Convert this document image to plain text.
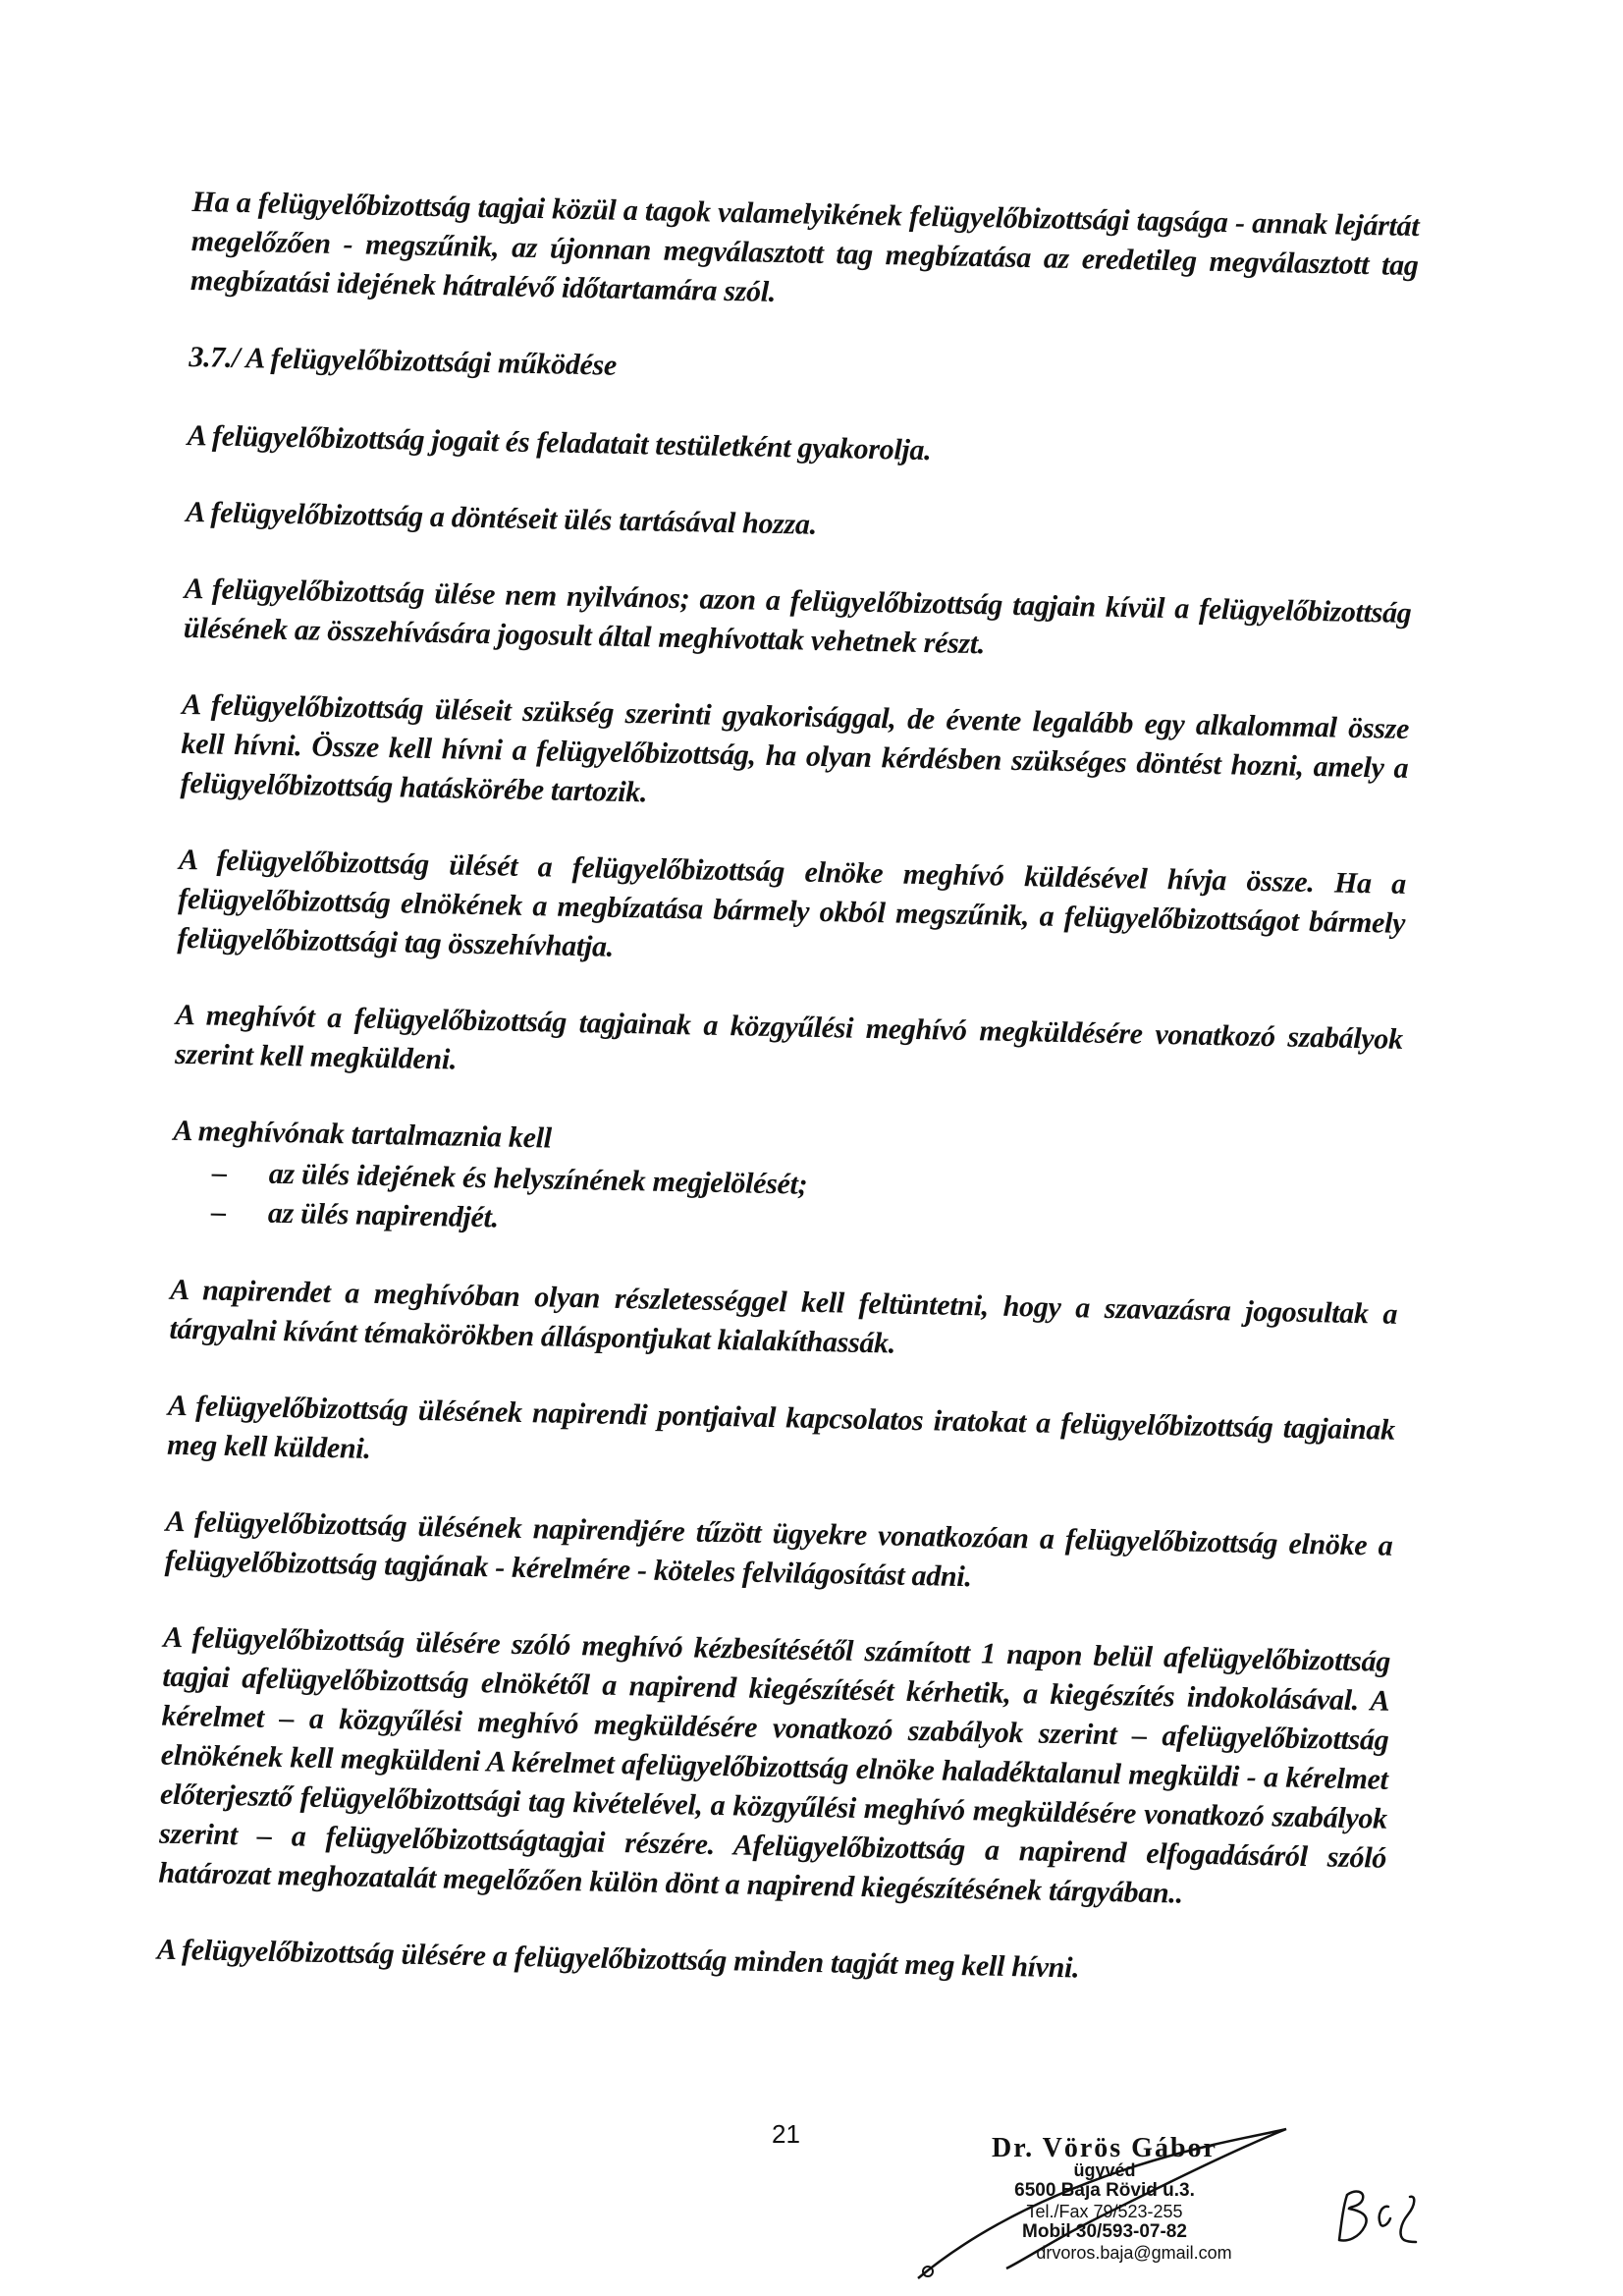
Ha a felügyelőbizottság tagjai közül a tagok valamelyikének felügyelőbizottsági tagsága - annak lejártát megelőzően - megszűnik, az újonnan megválasztott tag megbízatása az eredetileg megválasztott tag megbízatási idejének hátralévő időtartamára szól.

3.7./ A felügyelőbizottsági működése

A felügyelőbizottság jogait és feladatait testületként gyakorolja.

A felügyelőbizottság a döntéseit ülés tartásával hozza.

A felügyelőbizottság ülése nem nyilvános; azon a felügyelőbizottság tagjain kívül a felügyelőbizottság ülésének az összehívására jogosult által meghívottak vehetnek részt.

A felügyelőbizottság üléseit szükség szerinti gyakorisággal, de évente legalább egy alkalommal össze kell hívni. Össze kell hívni a felügyelőbizottság, ha olyan kérdésben szükséges döntést hozni, amely a felügyelőbizottság hatáskörébe tartozik.

A felügyelőbizottság ülését a felügyelőbizottság elnöke meghívó küldésével hívja össze. Ha a felügyelőbizottság elnökének a megbízatása bármely okból megszűnik, a felügyelőbizottságot bármely felügyelőbizottsági tag összehívhatja.

A meghívót a felügyelőbizottság tagjainak a közgyűlési meghívó megküldésére vonatkozó szabályok szerint kell megküldeni.

A meghívónak tartalmaznia kell

– az ülés idejének és helyszínének megjelölését;
– az ülés napirendjét.

A napirendet a meghívóban olyan részletességgel kell feltüntetni, hogy a szavazásra jogosultak a tárgyalni kívánt témakörökben álláspontjukat kialakíthassák.

A felügyelőbizottság ülésének napirendi pontjaival kapcsolatos iratokat a felügyelőbizottság tagjainak meg kell küldeni.

A felügyelőbizottság ülésének napirendjére tűzött ügyekre vonatkozóan a felügyelőbizottság elnöke a felügyelőbizottság tagjának - kérelmére - köteles felvilágosítást adni.

A felügyelőbizottság ülésére szóló meghívó kézbesítésétől számított 1 napon belül afelügyelőbizottság tagjai afelügyelőbizottság elnökétől a napirend kiegészítését kérhetik, a kiegészítés indokolásával. A kérelmet – a közgyűlési meghívó megküldésére vonatkozó szabályok szerint – afelügyelőbizottság elnökének kell megküldeni A kérelmet afelügyelőbizottság elnöke haladéktalanul megküldi - a kérelmet előterjesztő felügyelőbizottsági tag kivételével, a közgyűlési meghívó megküldésére vonatkozó szabályok szerint – a felügyelőbizottságtagjai részére. Afelügyelőbizottság a napirend elfogadásáról szóló határozat meghozatalát megelőzően külön dönt a napirend kiegészítésének tárgyában..

A felügyelőbizottság ülésére a felügyelőbizottság minden tagját meg kell hívni.

21	Dr. Vörös Gábor
ügyvéd
6500 Baja Rövid u.3.
Tel./Fax 79/523-255
Mobil 30/593-07-82
drvoros.baja@gmail.com
